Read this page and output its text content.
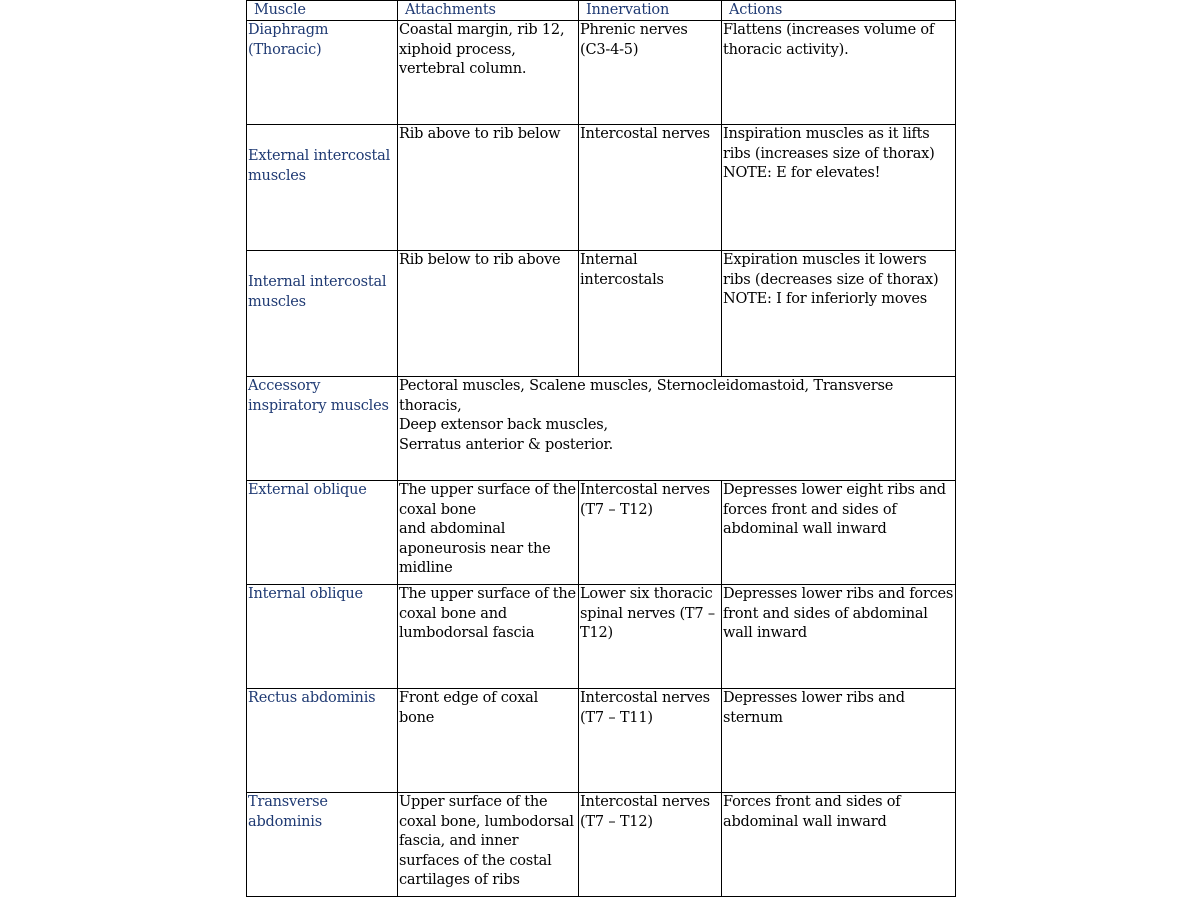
Muscle	Attachments	Innervation	Actions
Diaphragm (Thoracic)	Coastal margin, rib 12, xiphoid process, vertebral column.	Phrenic nerves (C3-4-5)	Flattens (increases volume of thoracic activity).

External intercostal muscles	Rib above to rib below	Intercostal nerves	Inspiration muscles as it lifts ribs (increases size of thorax) NOTE: E for elevates!

Internal intercostal muscles	Rib below to rib above	Internal intercostals	Expiration muscles it lowers ribs (decreases size of thorax)
NOTE: I for inferiorly moves

Accessory inspiratory muscles	Pectoral muscles, Scalene muscles, Sternocleidomastoid, Transverse thoracis,
Deep extensor back muscles,
Serratus anterior & posterior.		

External oblique	The upper surface of the coxal bone
and abdominal aponeurosis near the midline	Intercostal nerves (T7 – T12)	Depresses lower eight ribs and forces front and sides of abdominal wall inward

Internal oblique	The upper surface of the coxal bone and lumbodorsal fascia	Lower six thoracic spinal nerves (T7 – T12)	Depresses lower ribs and forces front and sides of abdominal wall inward

Rectus abdominis	Front edge of coxal bone	Intercostal nerves (T7 – T11)	Depresses lower ribs and sternum

Transverse abdominis	Upper surface of the coxal bone, lumbodorsal fascia, and inner
surfaces of the costal cartilages of ribs	Intercostal nerves (T7 – T12)	Forces front and sides of abdominal wall inward
